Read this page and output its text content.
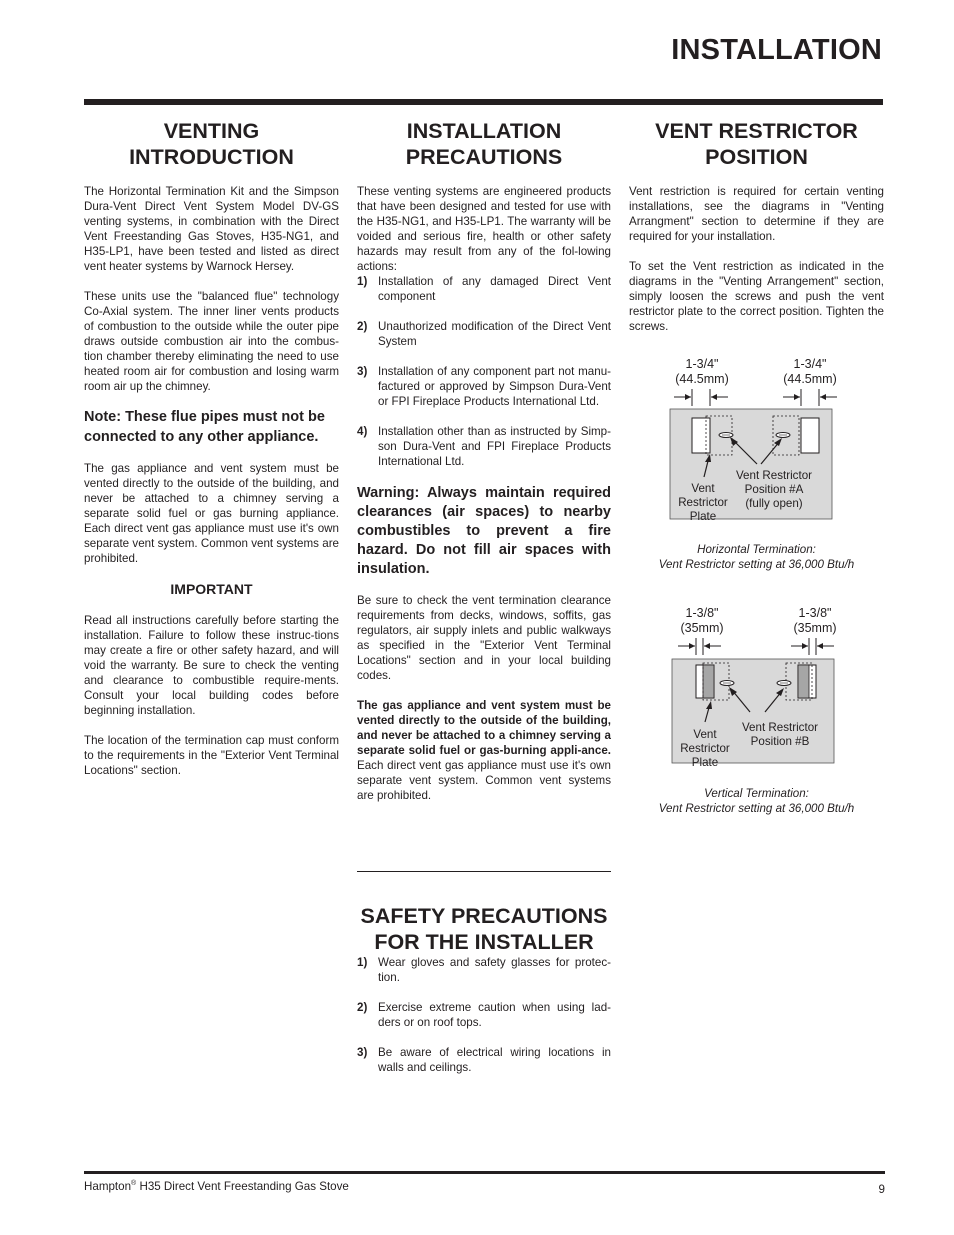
INSTALLATION
VENTING
INTRODUCTION

The Horizontal Termination Kit and the Simpson Dura-Vent Direct Vent System Model DV-GS venting systems, in combination with the Direct Vent Freestanding Gas Stoves, H35-NG1, and H35-LP1, have been tested and listed as direct vent heater systems by Warnock Hersey.

These units use the "balanced flue" technology Co-Axial system. The inner liner vents products of combustion to the outside while the outer pipe draws outside combustion air into the combus-tion chamber thereby eliminating the need to use heated room air for combustion and losing warm room air up the chimney.

Note: These flue pipes must not be connected to any other appliance.

The gas appliance and vent system must be vented directly to the outside of the building, and never be attached to a chimney serving a separate solid fuel or gas burning appliance. Each direct vent gas appliance must use it's own separate vent system. Common vent systems are prohibited.

IMPORTANT

Read all instructions carefully before starting the installation. Failure to follow these instruc-tions may create a fire or other safety hazard, and will void the warranty. Be sure to check the venting and clearance to combustible require-ments. Consult your local building codes before beginning installation.

The location of the termination cap must conform to the requirements in the "Exterior Vent Terminal Locations" section.

INSTALLATION
PRECAUTIONS

These venting systems are engineered products that have been designed and tested for use with the H35-NG1, and H35-LP1. The warranty will be voided and serious fire, health or other safety hazards may result from any of the fol-lowing actions:

1) Installation of any damaged Direct Vent component
2) Unauthorized modification of the Direct Vent System
3) Installation of any component part not manu-factured or approved by Simpson Dura-Vent or FPI Fireplace Products International Ltd.
4) Installation other than as instructed by Simp-son Dura-Vent and FPI Fireplace Products International Ltd.

Warning: Always maintain required clearances (air spaces) to nearby combustibles to prevent a fire hazard. Do not fill air spaces with insulation.

Be sure to check the vent termination clearance requirements from decks, windows, soffits, gas regulators, air supply inlets and public walkways as specified in the "Exterior Vent Terminal Locations" section and in your local building codes.

The gas appliance and vent system must be vented directly to the outside of the building, and never be attached to a chimney serving a separate solid fuel or gas-burning appli-ance. Each direct vent gas appliance must use it's own separate vent system. Common vent systems are prohibited.

SAFETY PRECAUTIONS
FOR THE INSTALLER
1) Wear gloves and safety glasses for protec-tion.
2) Exercise extreme caution when using lad-ders or on roof tops.
3) Be aware of electrical wiring locations in walls and ceilings.
VENT RESTRICTOR
POSITION

Vent restriction is required for certain venting installations, see the diagrams in "Venting Arrangment" section to determine if they are required for your installation.

To set the Vent restriction as indicated in the diagrams in the "Venting Arrangement" section, simply loosen the screws and push the vent restrictor plate to the correct position. Tighten the screws.

1-3/4"
(44.5mm)
1-3/4"
(44.5mm)
Vent
Restrictor
Plate
Vent Restrictor
Position #A
(fully open)
Horizontal Termination:
Vent Restrictor setting at 36,000 Btu/h
1-3/8"
(35mm)
1-3/8"
(35mm)
Vent
Restrictor
Plate
Vent Restrictor
Position #B
Vertical Termination:
Vent Restrictor setting at 36,000 Btu/h
Hampton® H35 Direct Vent Freestanding Gas Stove	9
